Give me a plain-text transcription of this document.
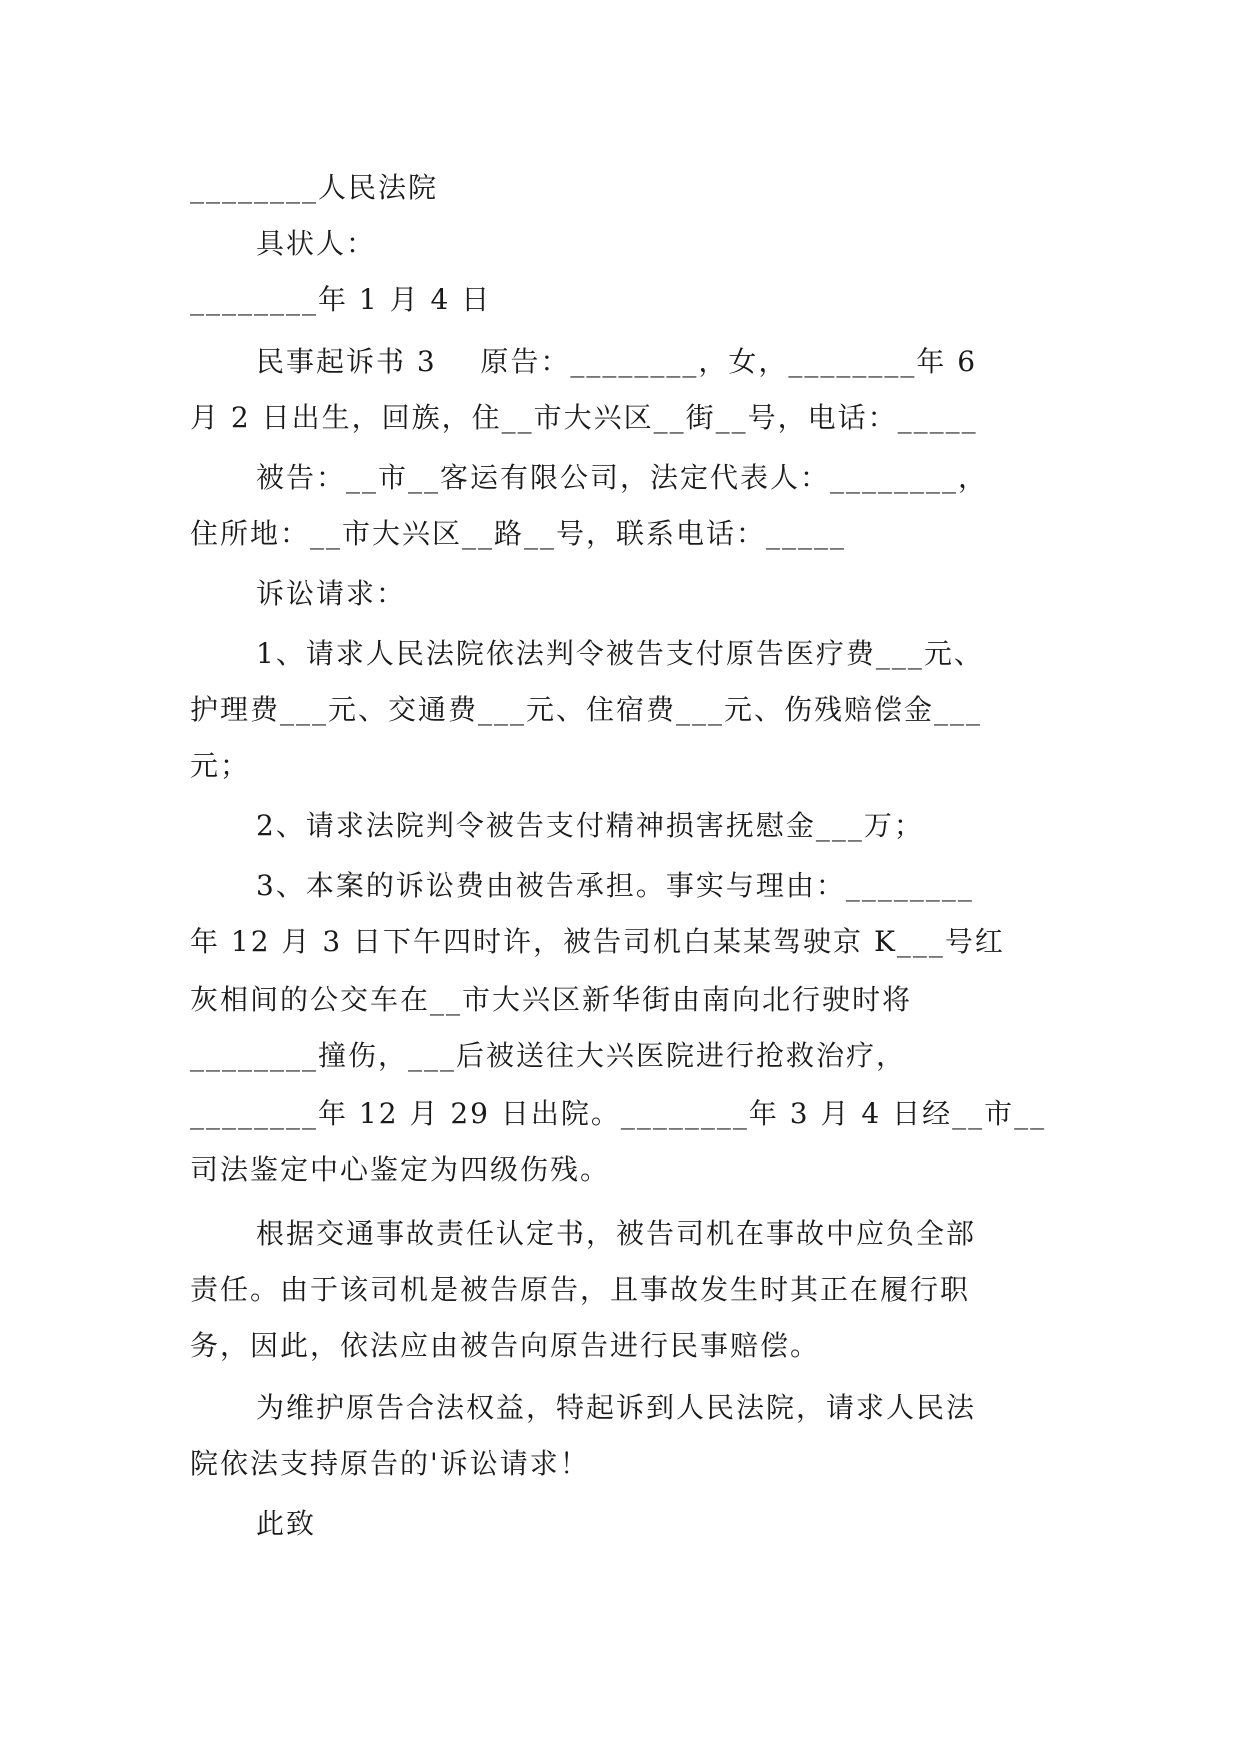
________人民法院
具状人：
________年 1 月 4 日
民事起诉书 3    原告：________，女，________年 6
月 2 日出生，回族，住__市大兴区__街__号，电话：_____
被告：__市__客运有限公司，法定代表人：________，
住所地：__市大兴区__路__号，联系电话：_____
诉讼请求：
1、请求人民法院依法判令被告支付原告医疗费___元、
护理费___元、交通费___元、住宿费___元、伤残赔偿金___
元；
2、请求法院判令被告支付精神损害抚慰金___万；
3、本案的诉讼费由被告承担。事实与理由：________
年 12 月 3 日下午四时许，被告司机白某某驾驶京 K___号红
灰相间的公交车在__市大兴区新华街由南向北行驶时将
________撞伤，___后被送往大兴医院进行抢救治疗，
________年 12 月 29 日出院。________年 3 月 4 日经__市__
司法鉴定中心鉴定为四级伤残。
根据交通事故责任认定书，被告司机在事故中应负全部
责任。由于该司机是被告原告，且事故发生时其正在履行职
务，因此，依法应由被告向原告进行民事赔偿。
为维护原告合法权益，特起诉到人民法院，请求人民法
院依法支持原告的'诉讼请求！
此致
